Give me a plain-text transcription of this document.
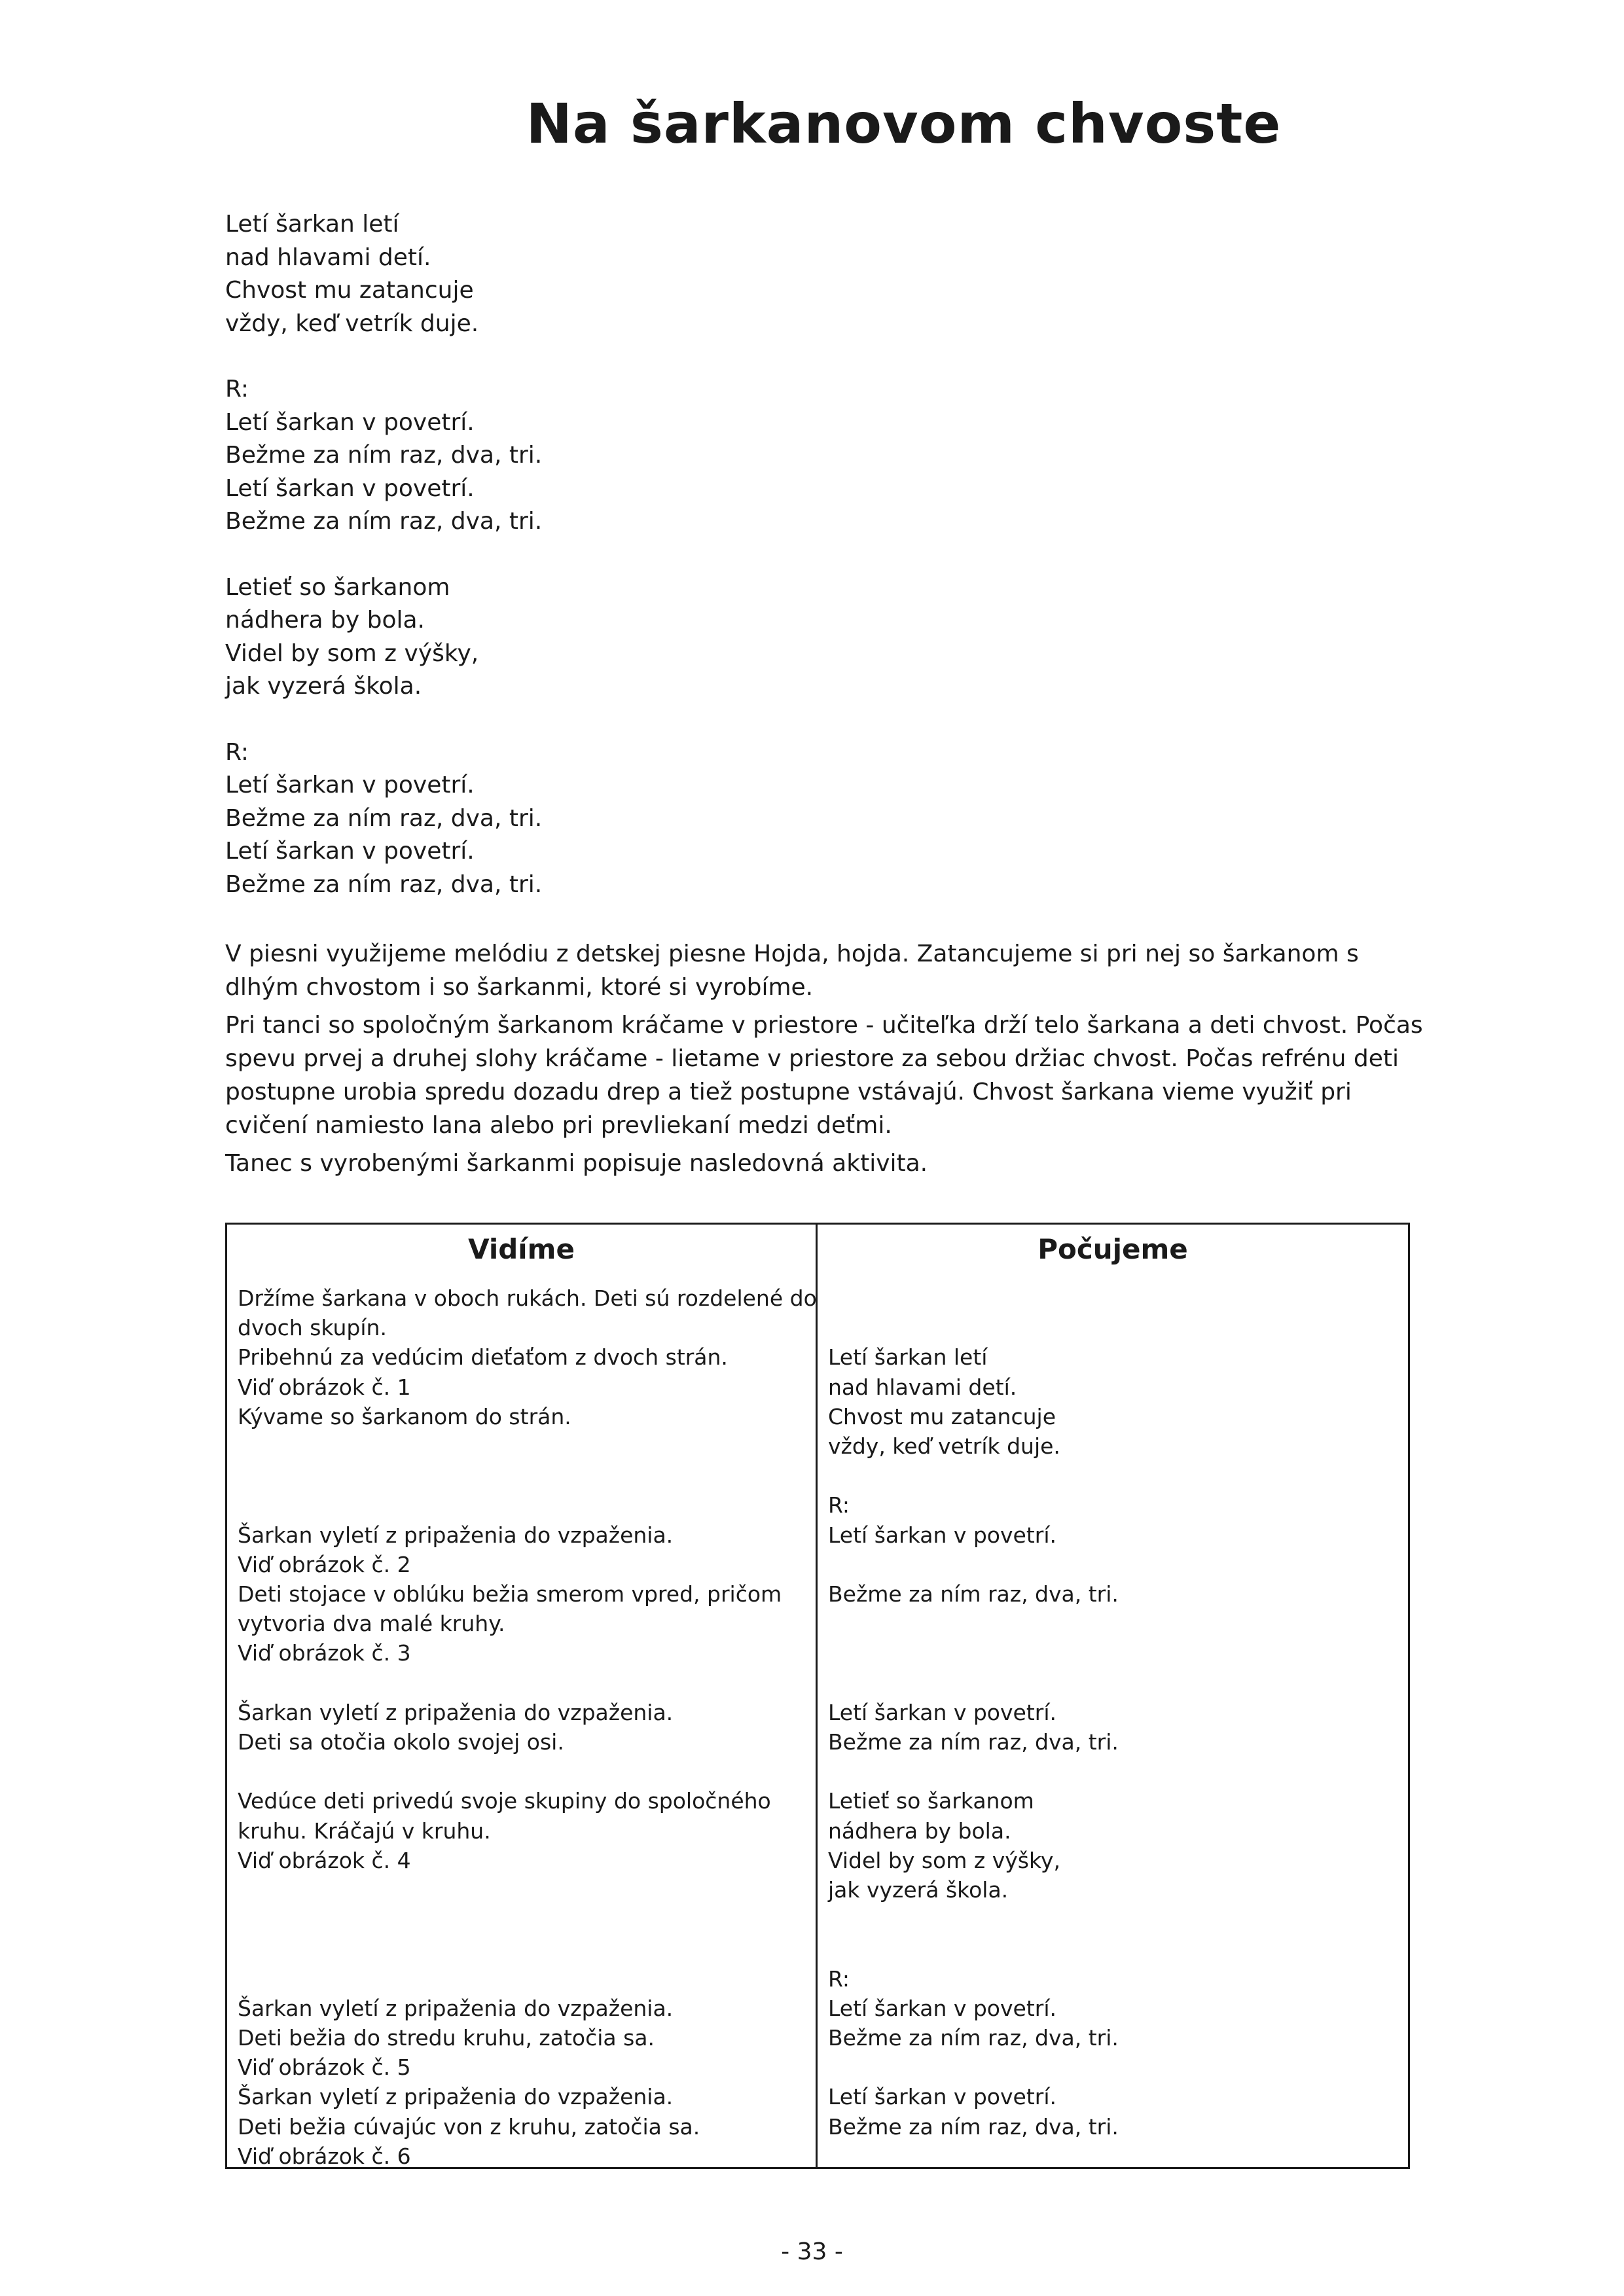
Na šarkanovom chvoste
Letí šarkan letí
nad hlavami detí.
Chvost mu zatancuje
vždy, keď vetrík duje.
R:
Letí šarkan v povetrí.
Bežme za ním raz, dva, tri.
Letí šarkan v povetrí.
Bežme za ním raz, dva, tri.
Letieť so šarkanom
nádhera by bola.
Videl by som z výšky,
jak vyzerá škola.
R:
Letí šarkan v povetrí.
Bežme za ním raz, dva, tri.
Letí šarkan v povetrí.
Bežme za ním raz, dva, tri.

V piesni využijeme melódiu z detskej piesne Hojda, hojda. Zatancujeme si pri nej so šarkanom s dlhým chvostom i so šarkanmi, ktoré si vyrobíme.

Pri tanci so spoločným šarkanom kráčame v priestore - učiteľka drží telo šarkana a deti chvost. Počas spevu prvej a druhej slohy kráčame - lietame v priestore za sebou držiac chvost. Počas refrénu deti postupne urobia spredu dozadu drep a tiež postupne vstávajú. Chvost šarkana vieme využiť pri cvičení namiesto lana alebo pri prevliekaní medzi deťmi.

Tanec s vyrobenými šarkanmi popisuje nasledovná aktivita.

Vidíme
Držíme šarkana v oboch rukách. Deti sú rozdelené do
dvoch skupín.
Pribehnú za vedúcim dieťaťom z dvoch strán.
Viď obrázok č. 1
Kývame so šarkanom do strán.
Šarkan vyletí z pripaženia do vzpaženia.
Viď obrázok č. 2
Deti stojace v oblúku bežia smerom vpred, pričom
vytvoria dva malé kruhy.
Viď obrázok č. 3
Šarkan vyletí z pripaženia do vzpaženia.
Deti sa otočia okolo svojej osi.
Vedúce deti privedú svoje skupiny do spoločného
kruhu. Kráčajú v kruhu.
Viď obrázok č. 4
Šarkan vyletí z pripaženia do vzpaženia.
Deti bežia do stredu kruhu, zatočia sa.
Viď obrázok č. 5
Šarkan vyletí z pripaženia do vzpaženia.
Deti bežia cúvajúc von z kruhu, zatočia sa.
Viď obrázok č. 6
Počujeme
Letí šarkan letí
nad hlavami detí.
Chvost mu zatancuje
vždy, keď vetrík duje.
R:
Letí šarkan v povetrí.
Bežme za ním raz, dva, tri.
Letí šarkan v povetrí.
Bežme za ním raz, dva, tri.
Letieť so šarkanom
nádhera by bola.
Videl by som z výšky,
jak vyzerá škola.
R:
Letí šarkan v povetrí.
Bežme za ním raz, dva, tri.
Letí šarkan v povetrí.
Bežme za ním raz, dva, tri.
- 33 -
